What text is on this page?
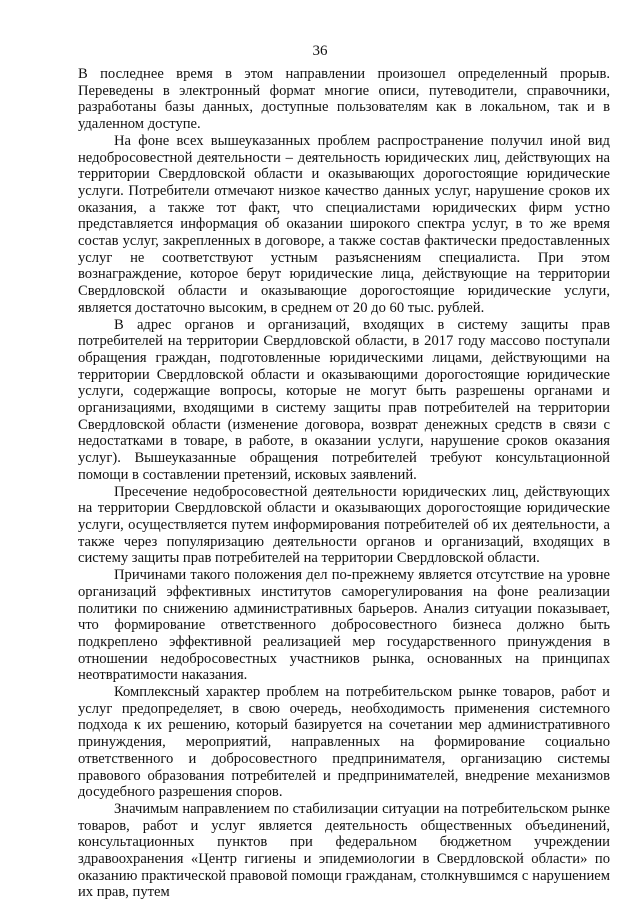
36

В последнее время в этом направлении произошел определенный прорыв. Переведены в электронный формат многие описи, путеводители, справочники, разработаны базы данных, доступные пользователям как в локальном, так и в удаленном доступе.

На фоне всех вышеуказанных проблем распространение получил иной вид недобросовестной деятельности – деятельность юридических лиц, действующих на территории Свердловской области и оказывающих дорогостоящие юридические услуги. Потребители отмечают низкое качество данных услуг, нарушение сроков их оказания, а также тот факт, что специалистами юридических фирм устно представляется информация об оказании широкого спектра услуг, в то же время состав услуг, закрепленных в договоре, а также состав фактически предоставленных услуг не соответствуют устным разъяснениям специалиста. При этом вознаграждение, которое берут юридические лица, действующие на территории Свердловской области и оказывающие дорогостоящие юридические услуги, является достаточно высоким, в среднем от 20 до 60 тыс. рублей.

В адрес органов и организаций, входящих в систему защиты прав потребителей на территории Свердловской области, в 2017 году массово поступали обращения граждан, подготовленные юридическими лицами, действующими на территории Свердловской области и оказывающими дорогостоящие юридические услуги, содержащие вопросы, которые не могут быть разрешены органами и организациями, входящими в систему защиты прав потребителей на территории Свердловской области (изменение договора, возврат денежных средств в связи с недостатками в товаре, в работе, в оказании услуги, нарушение сроков оказания услуг). Вышеуказанные обращения потребителей требуют консультационной помощи в составлении претензий, исковых заявлений.

Пресечение недобросовестной деятельности юридических лиц, действующих на территории Свердловской области и оказывающих дорогостоящие юридические услуги, осуществляется путем информирования потребителей об их деятельности, а также через популяризацию деятельности органов и организаций, входящих в систему защиты прав потребителей на территории Свердловской области.

Причинами такого положения дел по-прежнему является отсутствие на уровне организаций эффективных институтов саморегулирования на фоне реализации политики по снижению административных барьеров. Анализ ситуации показывает, что формирование ответственного добросовестного бизнеса должно быть подкреплено эффективной реализацией мер государственного принуждения в отношении недобросовестных участников рынка, основанных на принципах неотвратимости наказания.

Комплексный характер проблем на потребительском рынке товаров, работ и услуг предопределяет, в свою очередь, необходимость применения системного подхода к их решению, который базируется на сочетании мер административного принуждения, мероприятий, направленных на формирование социально ответственного и добросовестного предпринимателя, организацию системы правового образования потребителей и предпринимателей, внедрение механизмов досудебного разрешения споров.

Значимым направлением по стабилизации ситуации на потребительском рынке товаров, работ и услуг является деятельность общественных объединений, консультационных пунктов при федеральном бюджетном учреждении здравоохранения «Центр гигиены и эпидемиологии в Свердловской области» по оказанию практической правовой помощи гражданам, столкнувшимся с нарушением их прав, путем
